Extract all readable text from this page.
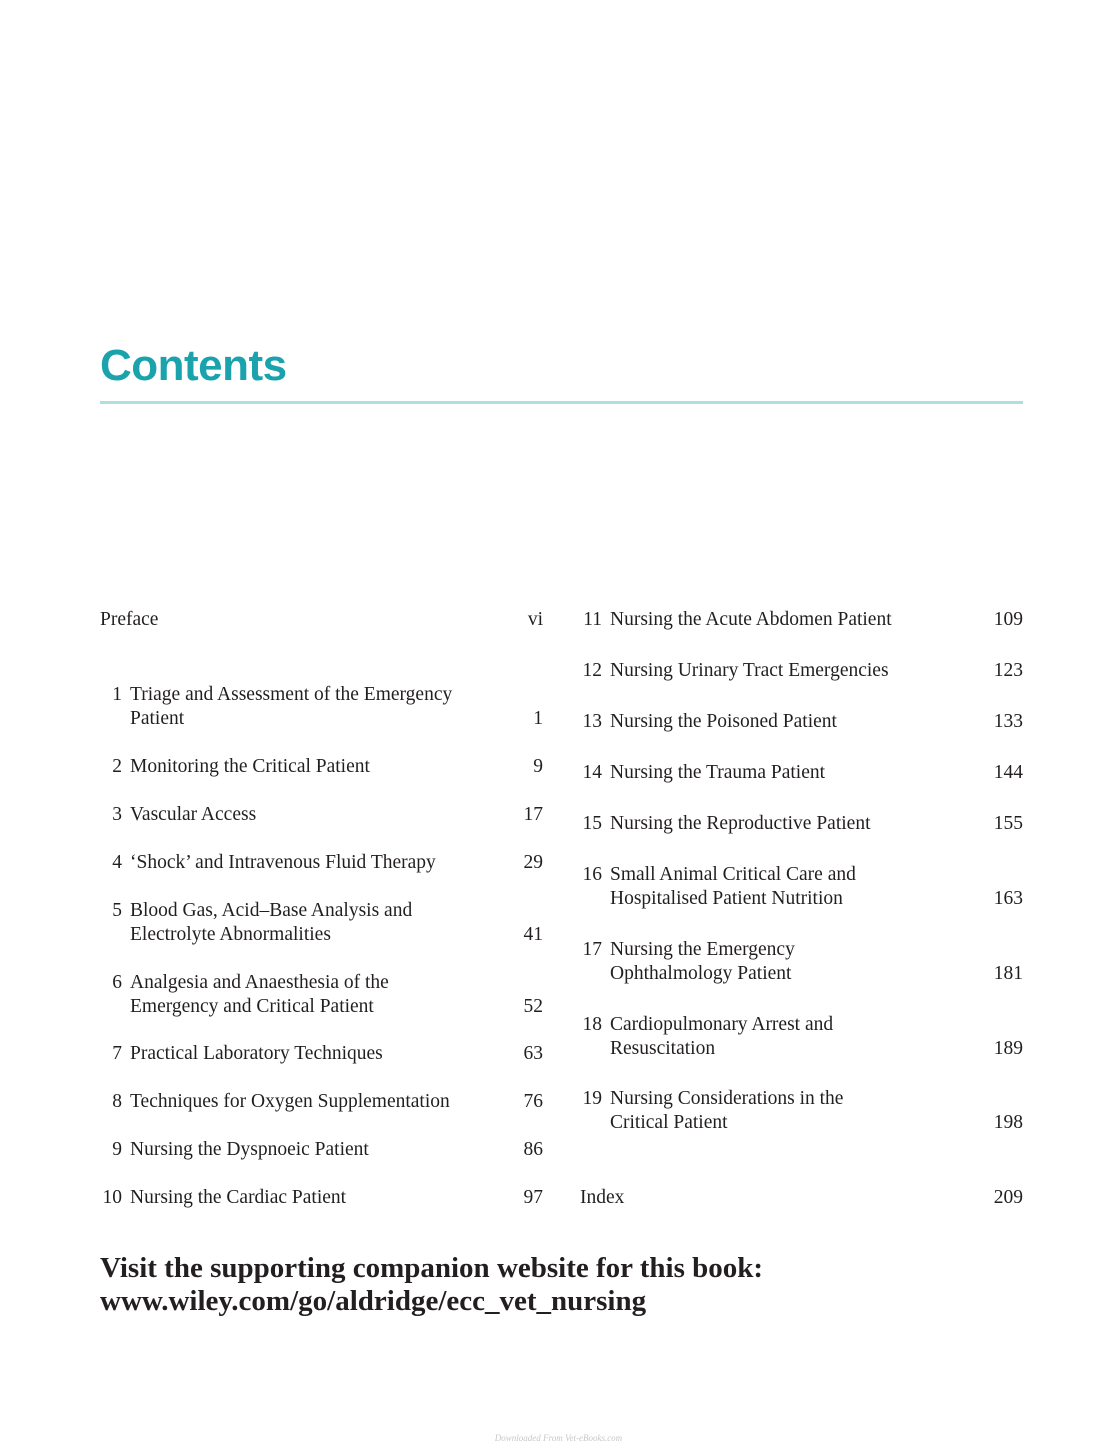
Contents
Preface	vi
1 Triage and Assessment of the Emergency
Patient	1
2 Monitoring the Critical Patient	9
3 Vascular Access	17
4 ‘Shock’ and Intravenous Fluid Therapy	29
5 Blood Gas, Acid–Base Analysis and
Electrolyte Abnormalities	41
6 Analgesia and Anaesthesia of the
Emergency and Critical Patient	52
7 Practical Laboratory Techniques	63
8 Techniques for Oxygen Supplementation	76
9 Nursing the Dyspnoeic Patient	86
10 Nursing the Cardiac Patient	97
11 Nursing the Acute Abdomen Patient	109
12 Nursing Urinary Tract Emergencies	123
13 Nursing the Poisoned Patient	133
14 Nursing the Trauma Patient	144
15 Nursing the Reproductive Patient	155
16 Small Animal Critical Care and
Hospitalised Patient Nutrition	163
17 Nursing the Emergency
Ophthalmology Patient	181
18 Cardiopulmonary Arrest and
Resuscitation	189
19 Nursing Considerations in the
Critical Patient	198
Index	209
Visit the supporting companion website for this book:
www.wiley.com/go/aldridge/ecc_vet_nursing
Downloaded From Vet-eBooks.com
